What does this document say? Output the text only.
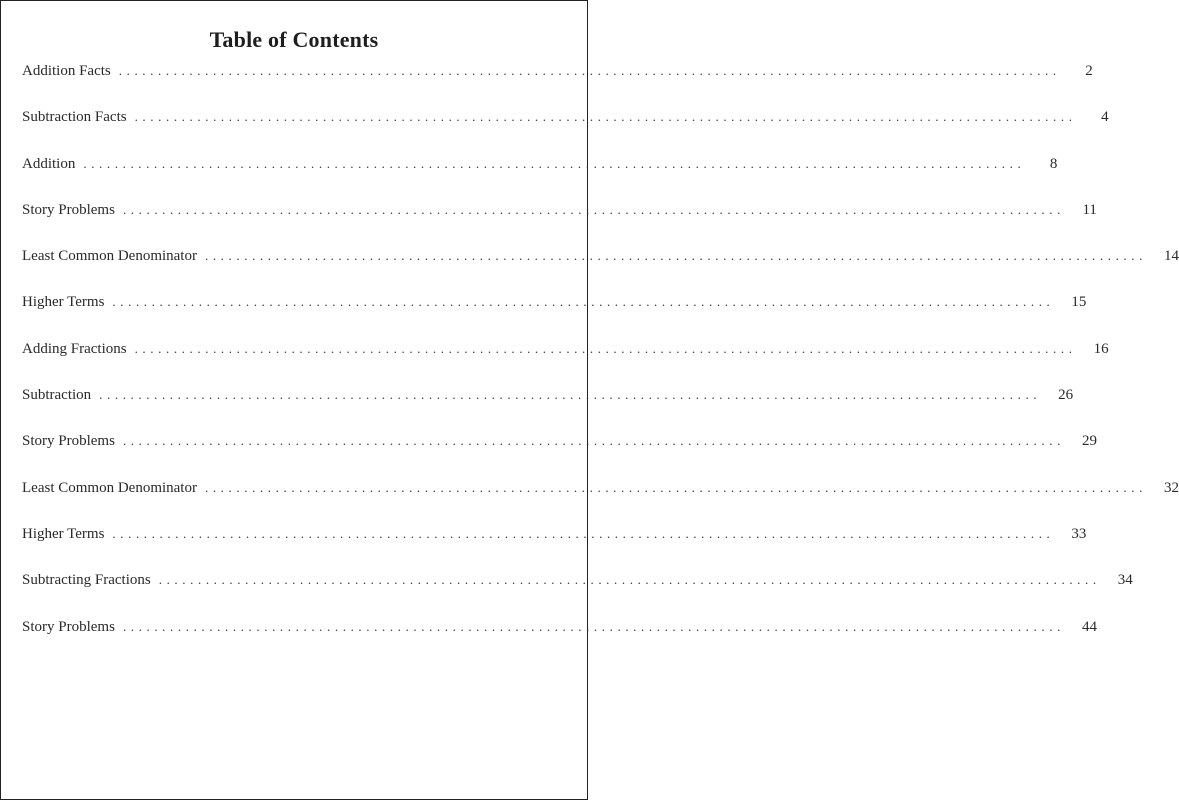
Table of Contents
Addition Facts ........................................................................................................................	2
Subtraction Facts ........................................................................................................................	4
Addition ........................................................................................................................	8
Story Problems ........................................................................................................................ 11
Least Common Denominator ........................................................................................................................ 14
Higher Terms ........................................................................................................................ 15
Adding Fractions ........................................................................................................................ 16
Subtraction ........................................................................................................................ 26
Story Problems ........................................................................................................................ 29
Least Common Denominator ........................................................................................................................ 32
Higher Terms ........................................................................................................................ 33
Subtracting Fractions ........................................................................................................................ 34
Story Problems ........................................................................................................................ 44
